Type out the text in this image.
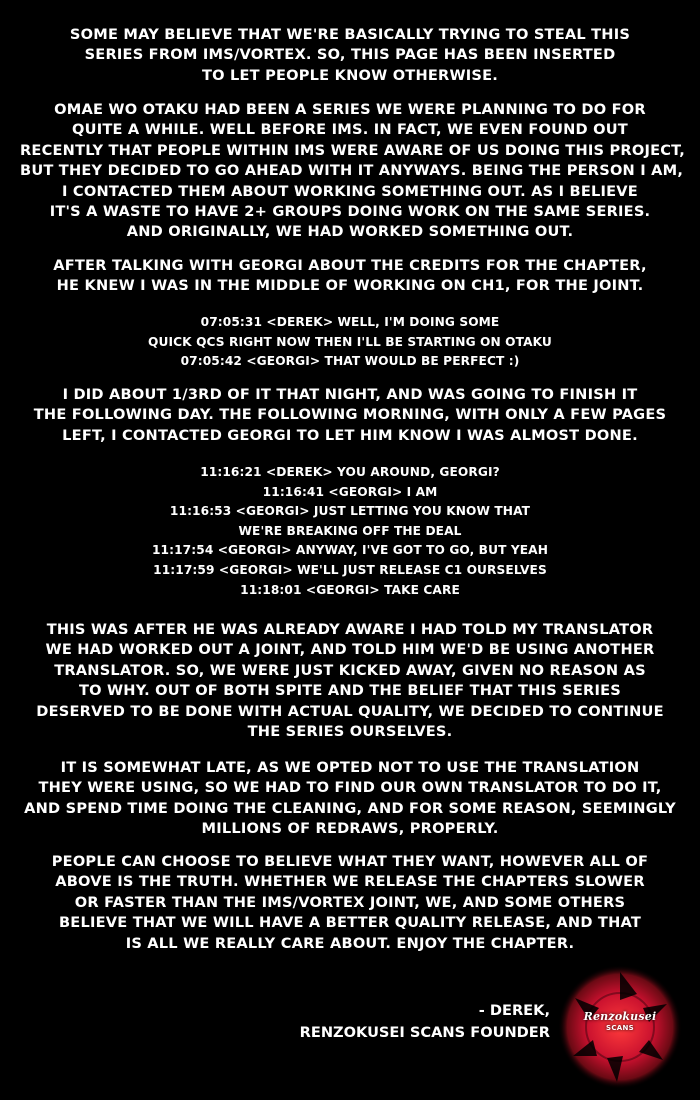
SOME MAY BELIEVE THAT WE'RE BASICALLY TRYING TO STEAL THIS
SERIES FROM IMS/VORTEX. SO, THIS PAGE HAS BEEN INSERTED
TO LET PEOPLE KNOW OTHERWISE.
OMAE WO OTAKU HAD BEEN A SERIES WE WERE PLANNING TO DO FOR
QUITE A WHILE. WELL BEFORE IMS. IN FACT, WE EVEN FOUND OUT
RECENTLY THAT PEOPLE WITHIN IMS WERE AWARE OF US DOING THIS PROJECT,
BUT THEY DECIDED TO GO AHEAD WITH IT ANYWAYS. BEING THE PERSON I AM,
I CONTACTED THEM ABOUT WORKING SOMETHING OUT. AS I BELIEVE
IT'S A WASTE TO HAVE 2+ GROUPS DOING WORK ON THE SAME SERIES.
AND ORIGINALLY, WE HAD WORKED SOMETHING OUT.
AFTER TALKING WITH GEORGI ABOUT THE CREDITS FOR THE CHAPTER,
HE KNEW I WAS IN THE MIDDLE OF WORKING ON CH1, FOR THE JOINT.
07:05:31 <DEREK> WELL, I'M DOING SOME
QUICK QCS RIGHT NOW THEN I'LL BE STARTING ON OTAKU
07:05:42 <GEORGI> THAT WOULD BE PERFECT :)
I DID ABOUT 1/3RD OF IT THAT NIGHT, AND WAS GOING TO FINISH IT
THE FOLLOWING DAY. THE FOLLOWING MORNING, WITH ONLY A FEW PAGES
LEFT, I CONTACTED GEORGI TO LET HIM KNOW I WAS ALMOST DONE.
11:16:21 <DEREK> YOU AROUND, GEORGI?
11:16:41 <GEORGI> I AM
11:16:53 <GEORGI> JUST LETTING YOU KNOW THAT
WE'RE BREAKING OFF THE DEAL
11:17:54 <GEORGI> ANYWAY, I'VE GOT TO GO, BUT YEAH
11:17:59 <GEORGI> WE'LL JUST RELEASE C1 OURSELVES
11:18:01 <GEORGI> TAKE CARE
THIS WAS AFTER HE WAS ALREADY AWARE I HAD TOLD MY TRANSLATOR
WE HAD WORKED OUT A JOINT, AND TOLD HIM WE'D BE USING ANOTHER
TRANSLATOR. SO, WE WERE JUST KICKED AWAY, GIVEN NO REASON AS
TO WHY. OUT OF BOTH SPITE AND THE BELIEF THAT THIS SERIES
DESERVED TO BE DONE WITH ACTUAL QUALITY, WE DECIDED TO CONTINUE
THE SERIES OURSELVES.
IT IS SOMEWHAT LATE, AS WE OPTED NOT TO USE THE TRANSLATION
THEY WERE USING, SO WE HAD TO FIND OUR OWN TRANSLATOR TO DO IT,
AND SPEND TIME DOING THE CLEANING, AND FOR SOME REASON, SEEMINGLY
MILLIONS OF REDRAWS, PROPERLY.
PEOPLE CAN CHOOSE TO BELIEVE WHAT THEY WANT, HOWEVER ALL OF
ABOVE IS THE TRUTH. WHETHER WE RELEASE THE CHAPTERS SLOWER
OR FASTER THAN THE IMS/VORTEX JOINT, WE, AND SOME OTHERS
BELIEVE THAT WE WILL HAVE A BETTER QUALITY RELEASE, AND THAT
IS ALL WE REALLY CARE ABOUT. ENJOY THE CHAPTER.
- DEREK,
RENZOKUSEI SCANS FOUNDER
Renzokusei
SCANS
